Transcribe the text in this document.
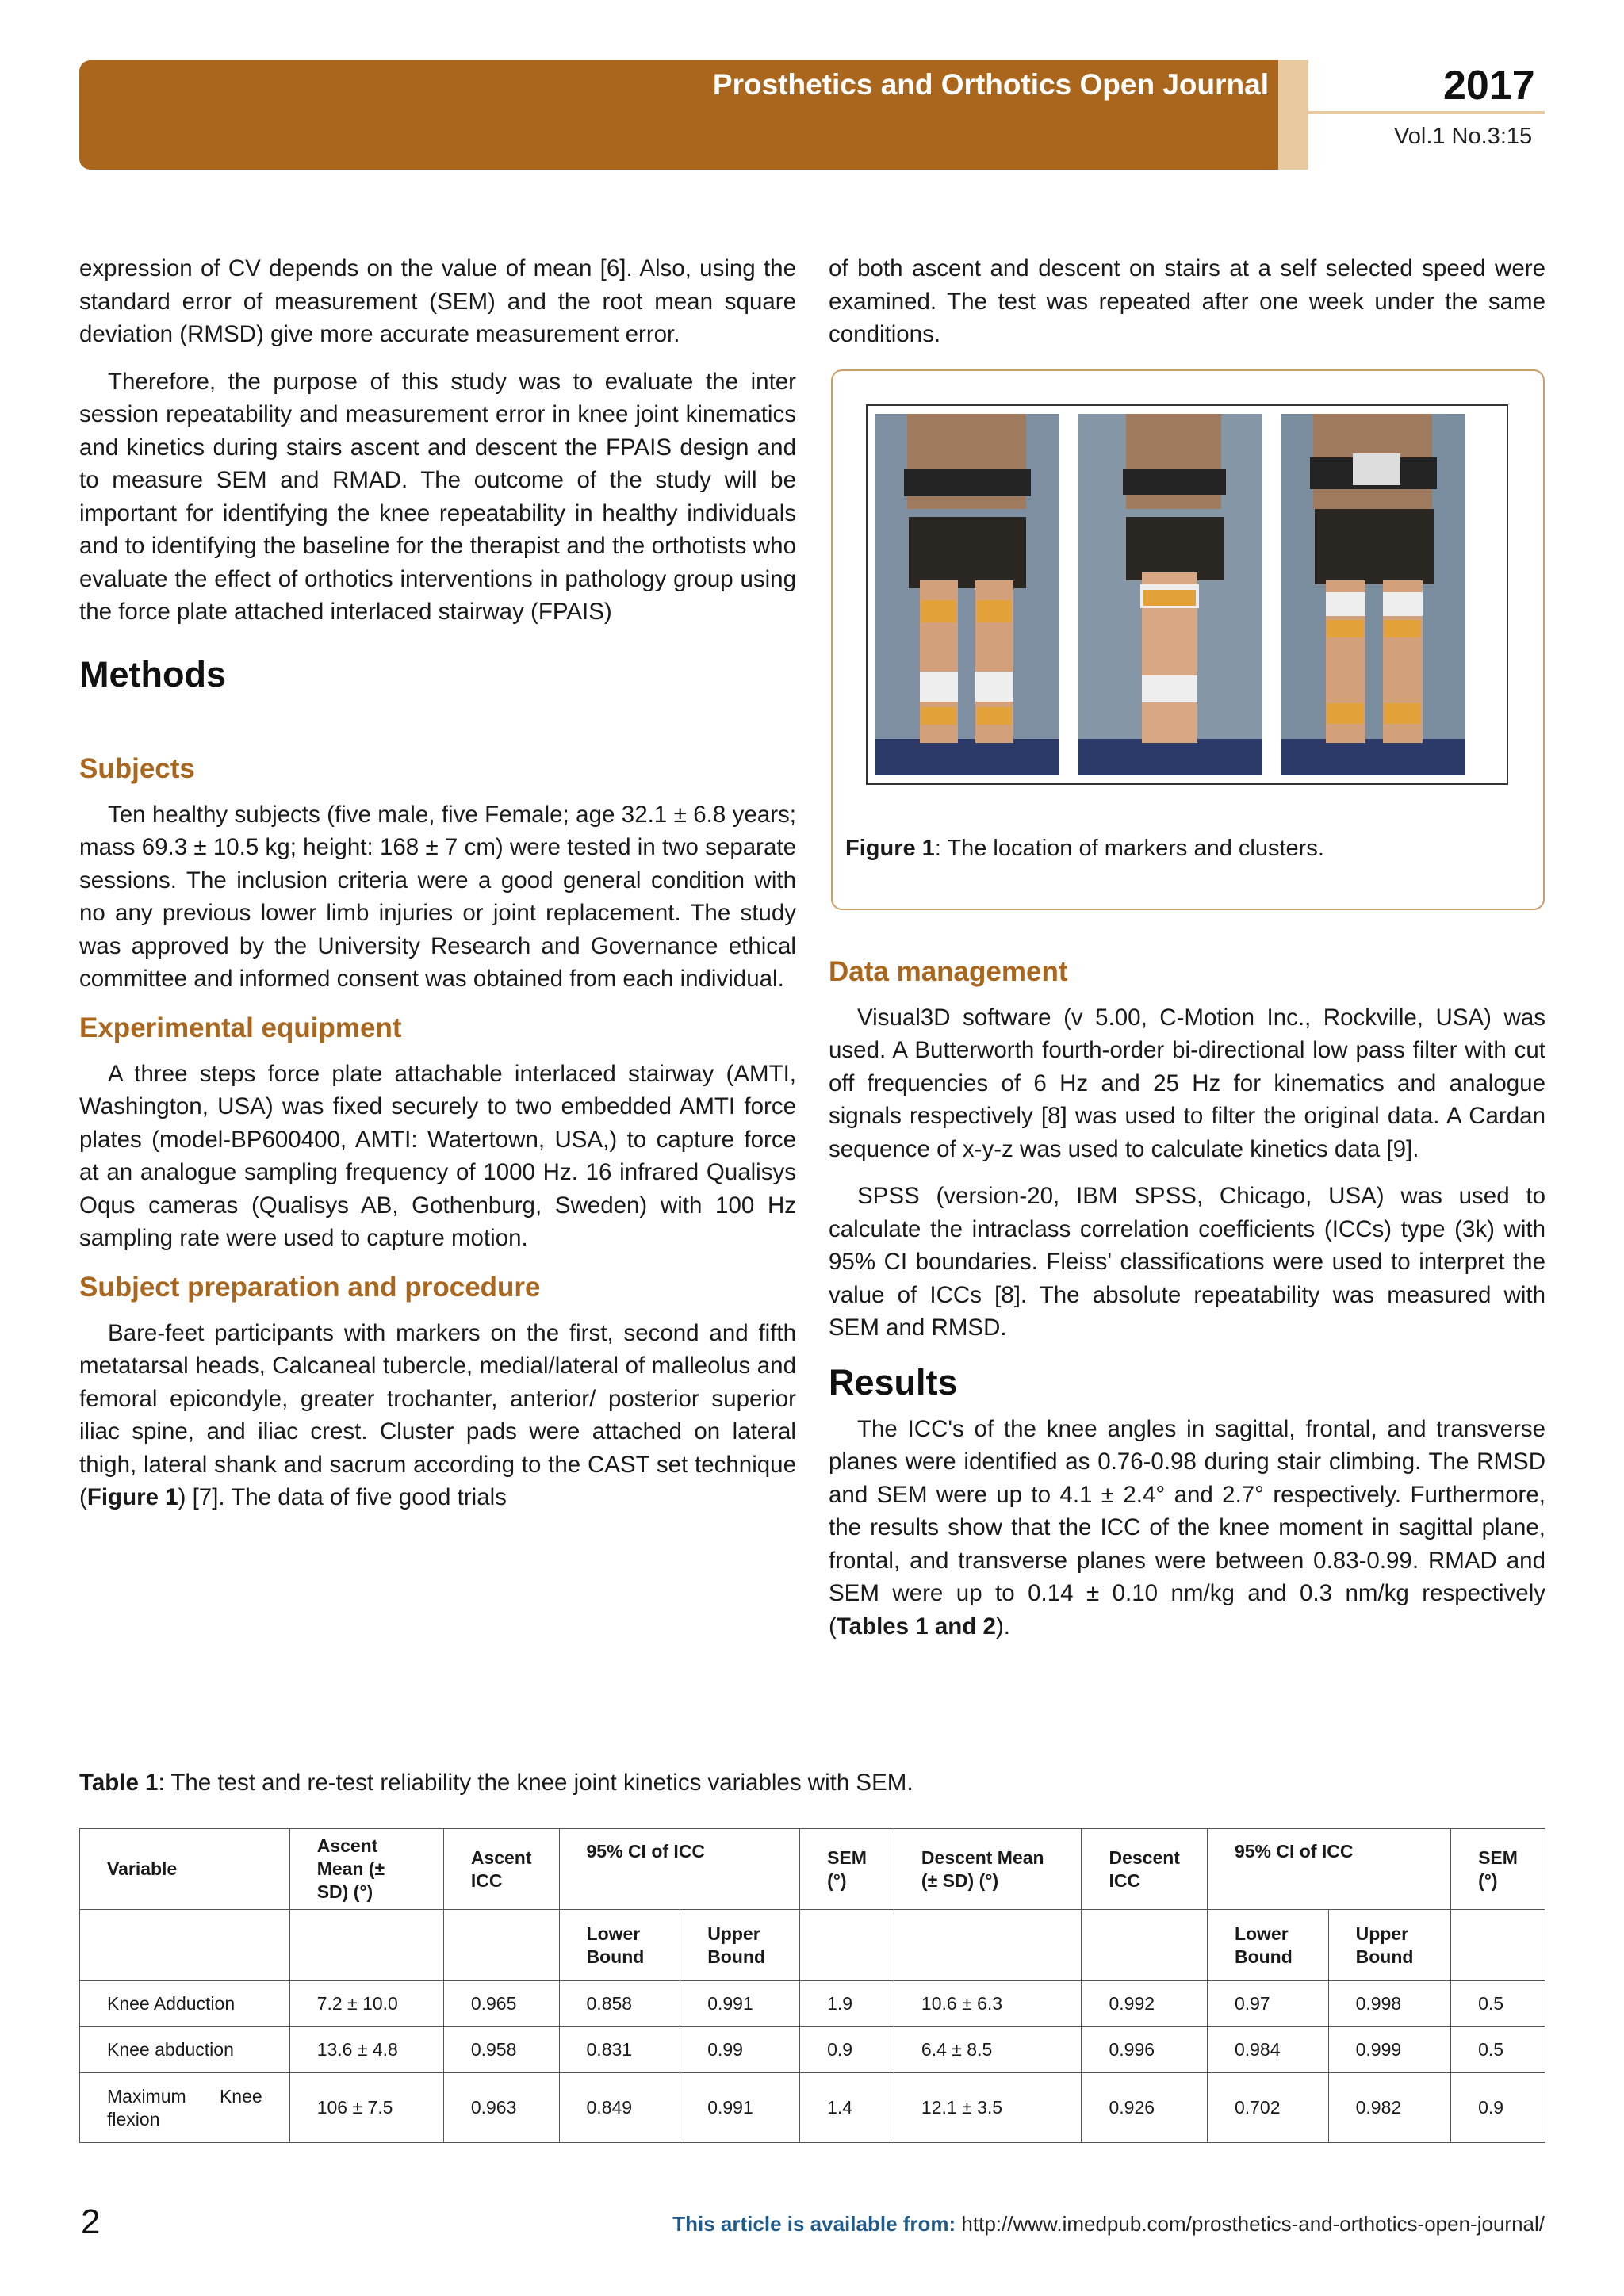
Prosthetics and Orthotics Open Journal	2017
Vol.1 No.3:15

expression of CV depends on the value of mean [6]. Also, using the standard error of measurement (SEM) and the root mean square deviation (RMSD) give more accurate measurement error.

Therefore, the purpose of this study was to evaluate the inter session repeatability and measurement error in knee joint kinematics and kinetics during stairs ascent and descent the FPAIS design and to measure SEM and RMAD. The outcome of the study will be important for identifying the knee repeatability in healthy individuals and to identifying the baseline for the therapist and the orthotists who evaluate the effect of orthotics interventions in pathology group using the force plate attached interlaced stairway (FPAIS)

Methods
Subjects

Ten healthy subjects (five male, five Female; age 32.1 ± 6.8 years; mass 69.3 ± 10.5 kg; height: 168 ± 7 cm) were tested in two separate sessions. The inclusion criteria were a good general condition with no any previous lower limb injuries or joint replacement. The study was approved by the University Research and Governance ethical committee and informed consent was obtained from each individual.

Experimental equipment

A three steps force plate attachable interlaced stairway (AMTI, Washington, USA) was fixed securely to two embedded AMTI force plates (model-BP600400, AMTI: Watertown, USA,) to capture force at an analogue sampling frequency of 1000 Hz. 16 infrared Qualisys Oqus cameras (Qualisys AB, Gothenburg, Sweden) with 100 Hz sampling rate were used to capture motion.

Subject preparation and procedure

Bare-feet participants with markers on the first, second and fifth metatarsal heads, Calcaneal tubercle, medial/lateral of malleolus and femoral epicondyle, greater trochanter, anterior/ posterior superior iliac spine, and iliac crest. Cluster pads were attached on lateral thigh, lateral shank and sacrum according to the CAST set technique (Figure 1) [7]. The data of five good trials

of both ascent and descent on stairs at a self selected speed were examined. The test was repeated after one week under the same conditions.

Data management

Visual3D software (v 5.00, C-Motion Inc., Rockville, USA) was used. A Butterworth fourth-order bi-directional low pass filter with cut off frequencies of 6 Hz and 25 Hz for kinematics and analogue signals respectively [8] was used to filter the original data. A Cardan sequence of x-y-z was used to calculate kinetics data [9].

SPSS (version-20, IBM SPSS, Chicago, USA) was used to calculate the intraclass correlation coefficients (ICCs) type (3k) with 95% CI boundaries. Fleiss' classifications were used to interpret the value of ICCs [8]. The absolute repeatability was measured with SEM and RMSD.

Results

The ICC's of the knee angles in sagittal, frontal, and transverse planes were identified as 0.76-0.98 during stair climbing. The RMSD and SEM were up to 4.1 ± 2.4° and 2.7° respectively. Furthermore, the results show that the ICC of the knee moment in sagittal plane, frontal, and transverse planes were between 0.83-0.99. RMAD and SEM were up to 0.14 ± 0.10 nm/kg and 0.3 nm/kg respectively (Tables 1 and 2).

Figure 1: The location of markers and clusters.
Table 1: The test and re-test reliability the knee joint kinetics variables with SEM.
Variable	Ascent Mean (± SD) (°)	Ascent ICC	95% CI of ICC		SEM (°)	Descent Mean (± SD) (°)	Descent ICC	95% CI of ICC		SEM (°)
			Lower Bound	Upper Bound				Lower Bound	Upper Bound	
Knee Adduction	7.2 ± 10.0	0.965	0.858	0.991	1.9	10.6 ± 6.3	0.992	0.97	0.998	0.5
Knee abduction	13.6 ± 4.8	0.958	0.831	0.99	0.9	6.4 ± 8.5	0.996	0.984	0.999	0.5
Maximum Knee flexion	106 ± 7.5	0.963	0.849	0.991	1.4	12.1 ± 3.5	0.926	0.702	0.982	0.9
2	This article is available from: http://www.imedpub.com/prosthetics-and-orthotics-open-journal/
